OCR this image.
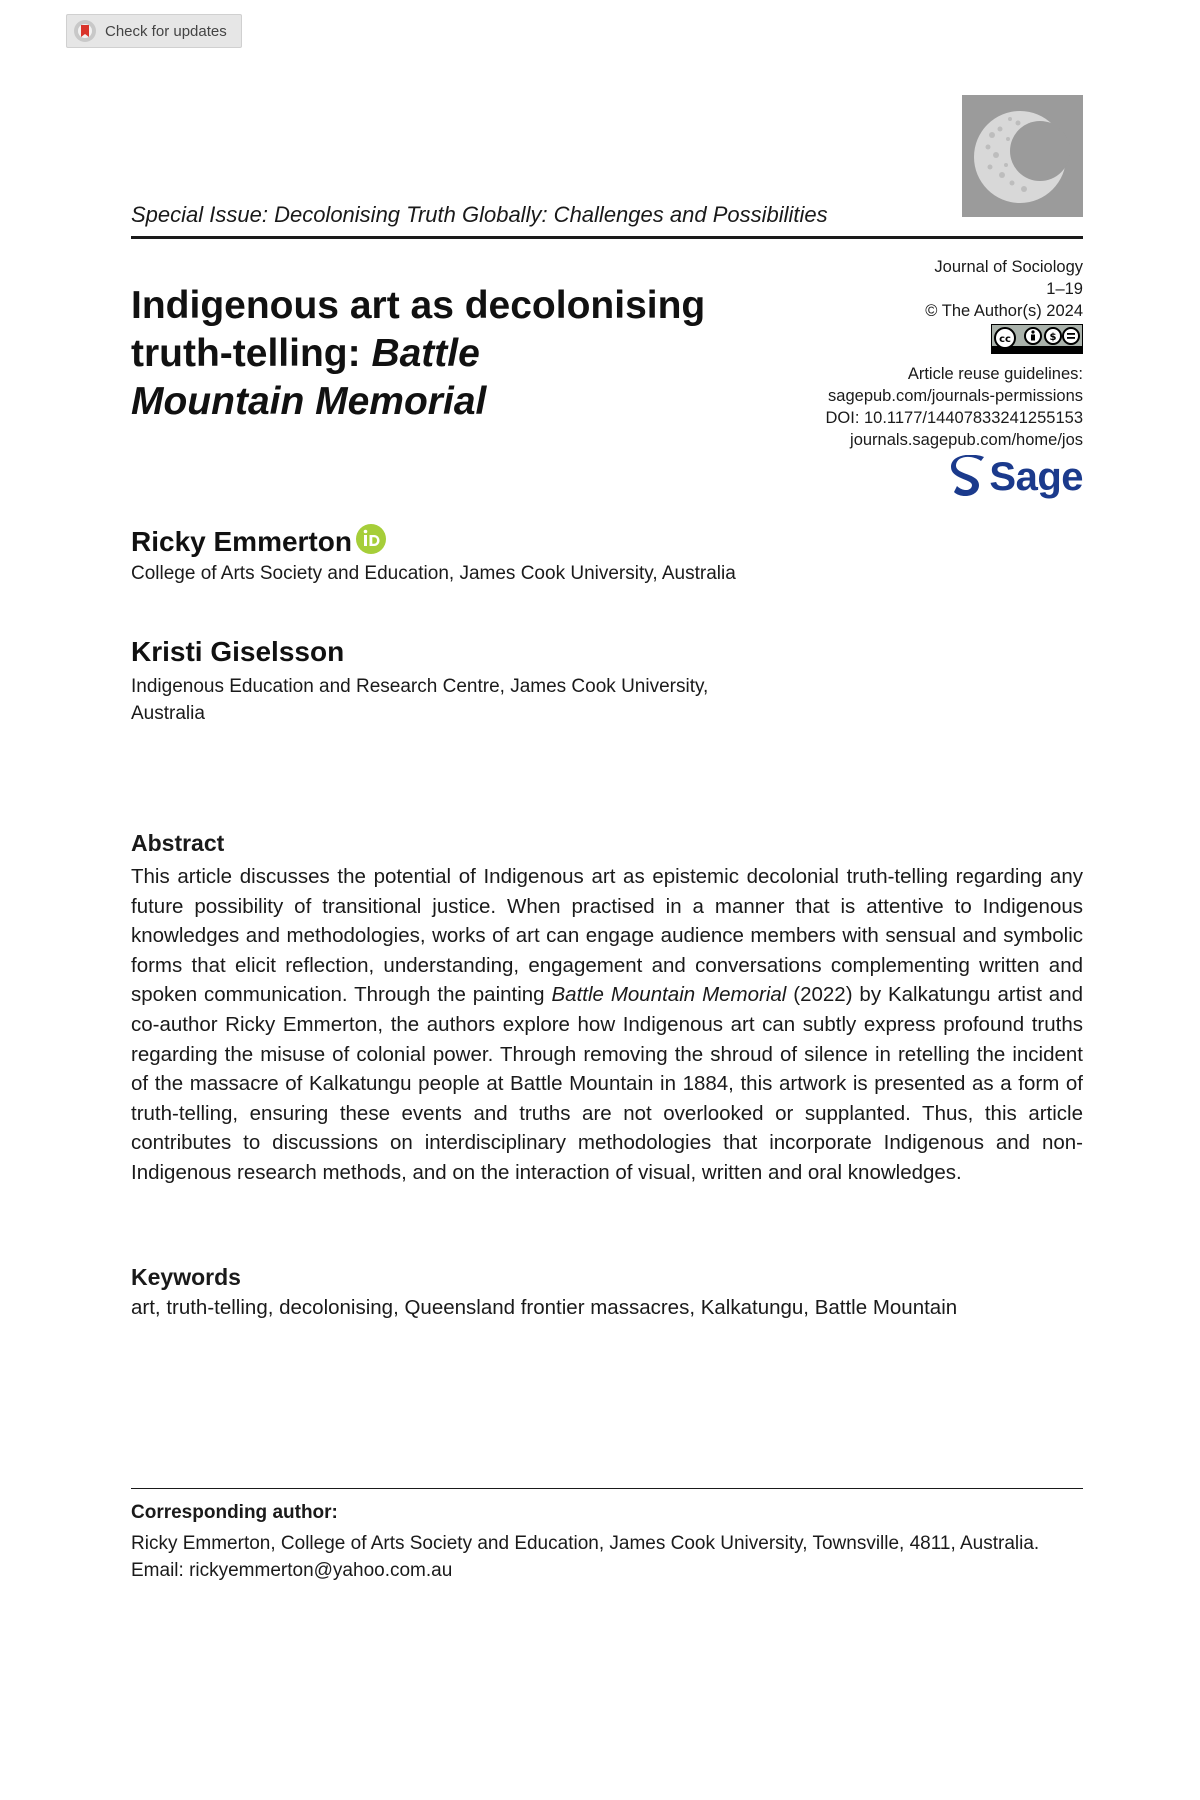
Check for updates
Special Issue: Decolonising Truth Globally: Challenges and Possibilities
Indigenous art as decolonising
truth-telling: Battle
Mountain Memorial
Journal of Sociology
1–19
© The Author(s) 2024
cc	$
Article reuse guidelines:
sagepub.com/journals-permissions
DOI: 10.1177/14407833241255153
journals.sagepub.com/home/jos
Sage
Ricky Emmerton
College of Arts Society and Education, James Cook University, Australia
Kristi Giselsson
Indigenous Education and Research Centre, James Cook University,
Australia
Abstract
This article discusses the potential of Indigenous art as epistemic decolonial truth-telling regarding any future possibility of transitional justice. When practised in a manner that is attentive to Indigenous knowledges and methodologies, works of art can engage audience members with sensual and symbolic forms that elicit reflection, understanding, engagement and conversations complementing written and spoken communication. Through the painting Battle Mountain Memorial (2022) by Kalkatungu artist and co-author Ricky Emmerton, the authors explore how Indigenous art can subtly express profound truths regarding the misuse of colonial power. Through removing the shroud of silence in retelling the incident of the massacre of Kalkatungu people at Battle Mountain in 1884, this artwork is presented as a form of truth-telling, ensuring these events and truths are not overlooked or supplanted. Thus, this article contributes to discussions on interdisciplinary methodologies that incorporate Indigenous and non-Indigenous research methods, and on the interaction of visual, written and oral knowledges.
Keywords
art, truth-telling, decolonising, Queensland frontier massacres, Kalkatungu, Battle Mountain
Corresponding author:
Ricky Emmerton, College of Arts Society and Education, James Cook University, Townsville, 4811, Australia.
Email: rickyemmerton@yahoo.com.au
